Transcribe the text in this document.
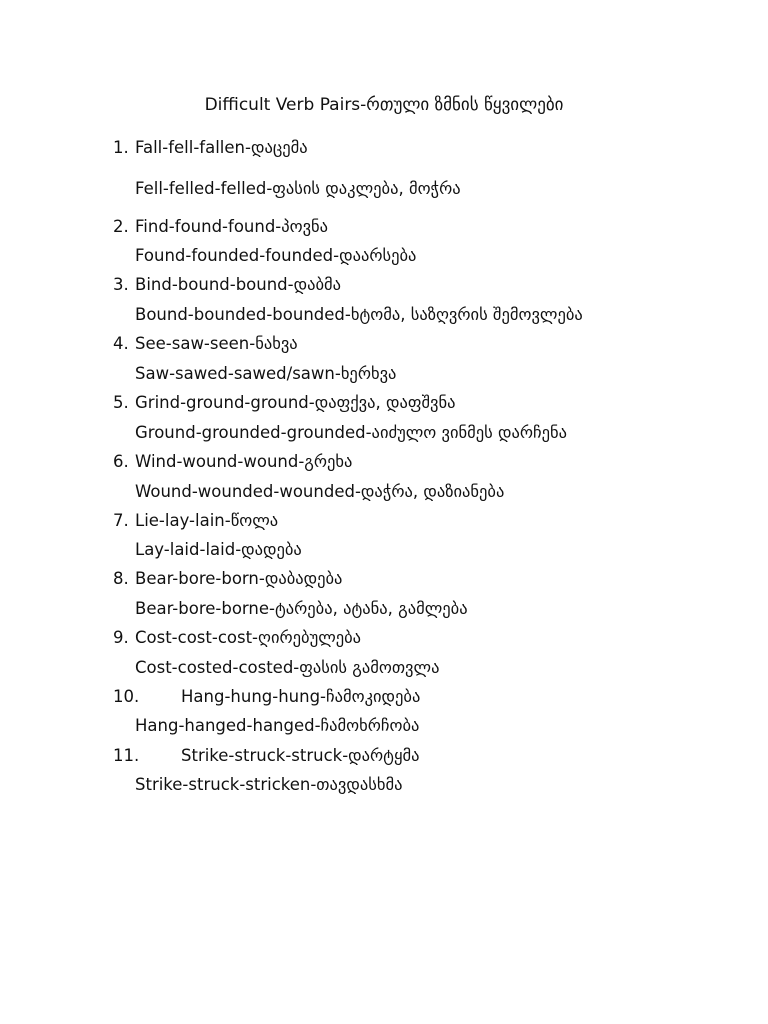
Difficult Verb Pairs-რთული ზმნის წყვილები
1. Fall-fell-fallen-დაცემა
Fell-felled-felled-ფასის დაკლება, მოჭრა
2. Find-found-found-პოვნა
Found-founded-founded-დაარსება
3. Bind-bound-bound-დაბმა
Bound-bounded-bounded-ხტომა, საზღვრის შემოვლება
4. See-saw-seen-ნახვა
Saw-sawed-sawed/sawn-ხერხვა
5. Grind-ground-ground-დაფქვა, დაფშვნა
Ground-grounded-grounded-აიძულო ვინმეს დარჩენა
6. Wind-wound-wound-გრეხა
Wound-wounded-wounded-დაჭრა, დაზიანება
7. Lie-lay-lain-წოლა
Lay-laid-laid-დადება
8. Bear-bore-born-დაბადება
Bear-bore-borne-ტარება, ატანა, გამლება
9. Cost-cost-cost-ღირებულება
Cost-costed-costed-ფასის გამოთვლა
10.	Hang-hung-hung-ჩამოკიდება
Hang-hanged-hanged-ჩამოხრჩობა
11.	Strike-struck-struck-დარტყმა
Strike-struck-stricken-თავდასხმა
